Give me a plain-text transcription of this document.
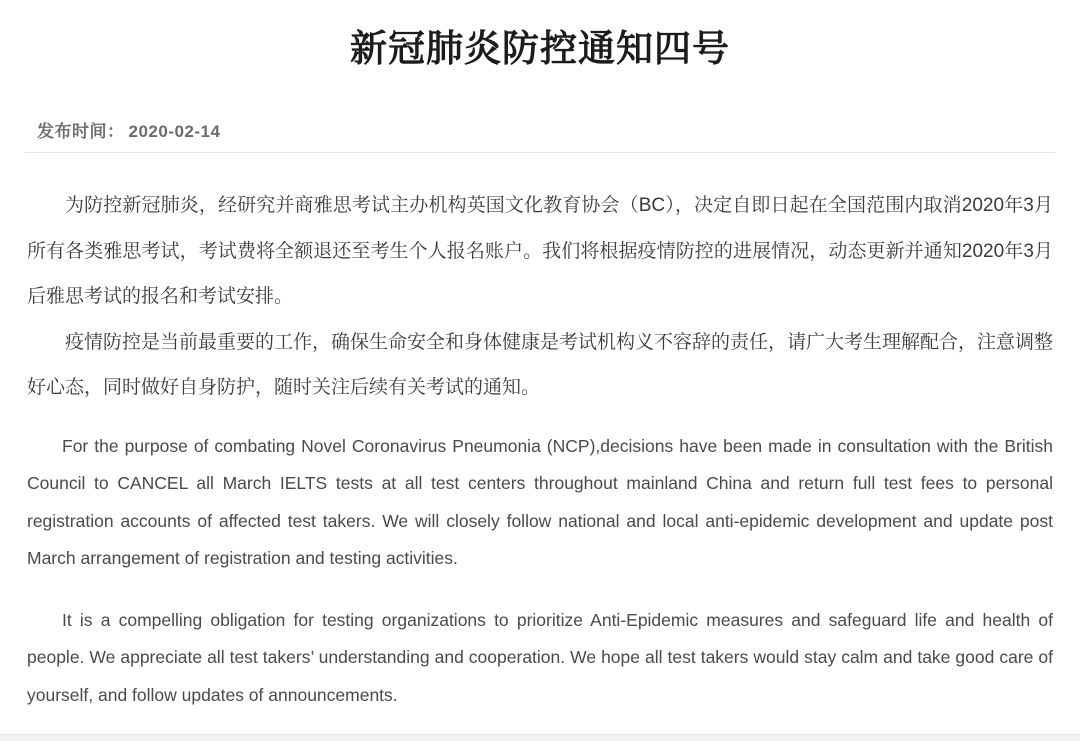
新冠肺炎防控通知四号
发布时间： 2020-02-14

为防控新冠肺炎，经研究并商雅思考试主办机构英国文化教育协会（BC），决定自即日起在全国范围内取消2020年3月所有各类雅思考试，考试费将全额退还至考生个人报名账户。我们将根据疫情防控的进展情况，动态更新并通知2020年3月后雅思考试的报名和考试安排。

疫情防控是当前最重要的工作，确保生命安全和身体健康是考试机构义不容辞的责任，请广大考生理解配合，注意调整好心态，同时做好自身防护，随时关注后续有关考试的通知。

For the purpose of combating Novel Coronavirus Pneumonia (NCP),decisions have been made in consultation with the British Council to CANCEL all March IELTS tests at all test centers throughout mainland China and return full test fees to personal registration accounts of affected test takers. We will closely follow national and local anti-epidemic development and update post March arrangement of registration and testing activities.

It is a compelling obligation for testing organizations to prioritize Anti-Epidemic measures and safeguard life and health of people. We appreciate all test takers’ understanding and cooperation. We hope all test takers would stay calm and take good care of yourself, and follow updates of announcements.
